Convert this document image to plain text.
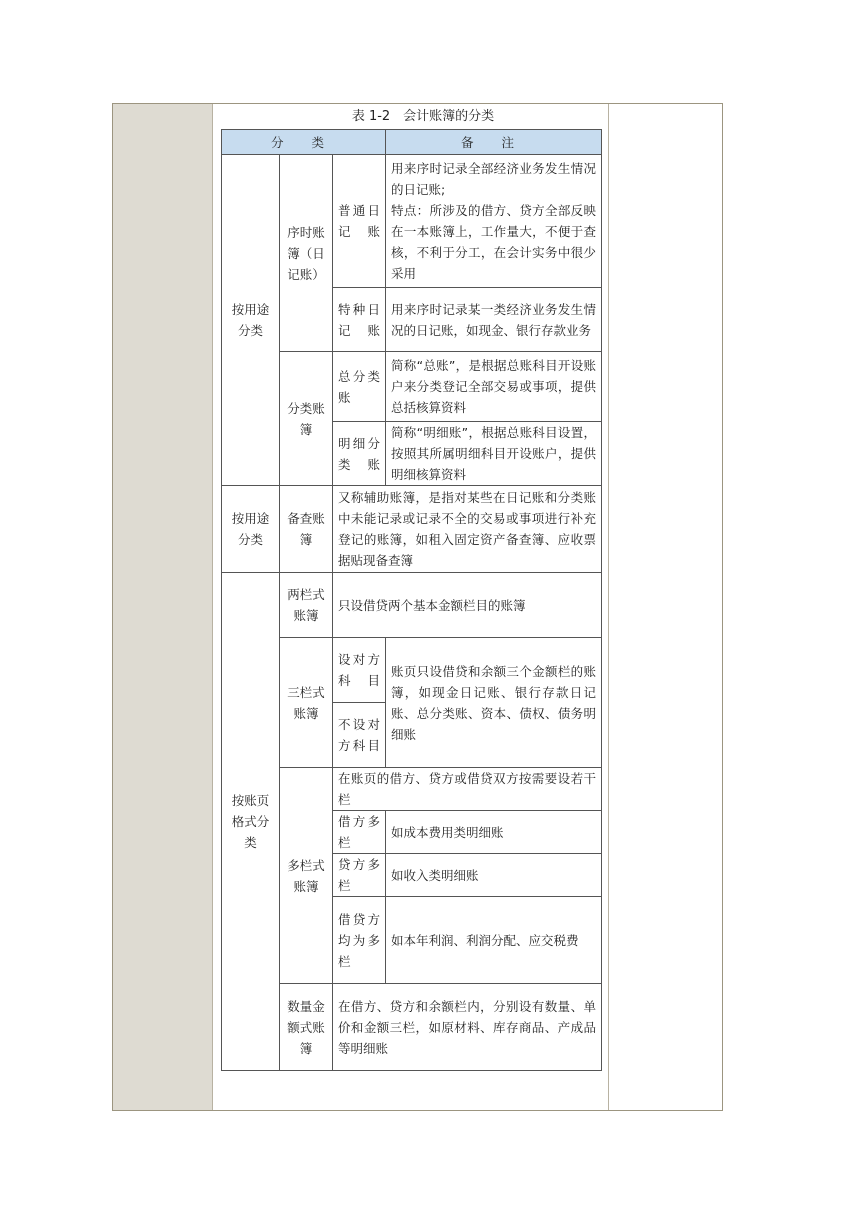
表 1-2　会计账簿的分类
分 类			备 注
按用途分类	序时账簿（日记账）	普通日记账	用来序时记录全部经济业务发生情况的日记账;
特点：所涉及的借方、贷方全部反映在一本账簿上，工作量大，不便于查核，不利于分工，在会计实务中很少采用
		特种日记账	用来序时记录某一类经济业务发生情况的日记账，如现金、银行存款业务
	分类账簿	总分类账	简称“总账”，是根据总账科目开设账户来分类登记全部交易或事项，提供总括核算资料
		明细分类账	简称“明细账”，根据总账科目设置，按照其所属明细科目开设账户，提供明细核算资料
按用途分类	备查账簿	又称辅助账簿，是指对某些在日记账和分类账中未能记录或记录不全的交易或事项进行补充登记的账簿，如租入固定资产备查簿、应收票据贴现备查簿	
按账页格式分类	两栏式账簿	只设借贷两个基本金额栏目的账簿	
	三栏式账簿	设对方科目	账页只设借贷和余额三个金额栏的账簿，如现金日记账、银行存款日记账、总分类账、资本、债权、债务明细账
		不设对方科目	
	多栏式账簿	在账页的借方、贷方或借贷双方按需要设若干栏	
		借方多栏	如成本费用类明细账
		贷方多栏	如收入类明细账
		借贷方均为多栏	如本年利润、利润分配、应交税费
	数量金额式账簿	在借方、贷方和余额栏内，分别设有数量、单价和金额三栏，如原材料、库存商品、产成品等明细账	
